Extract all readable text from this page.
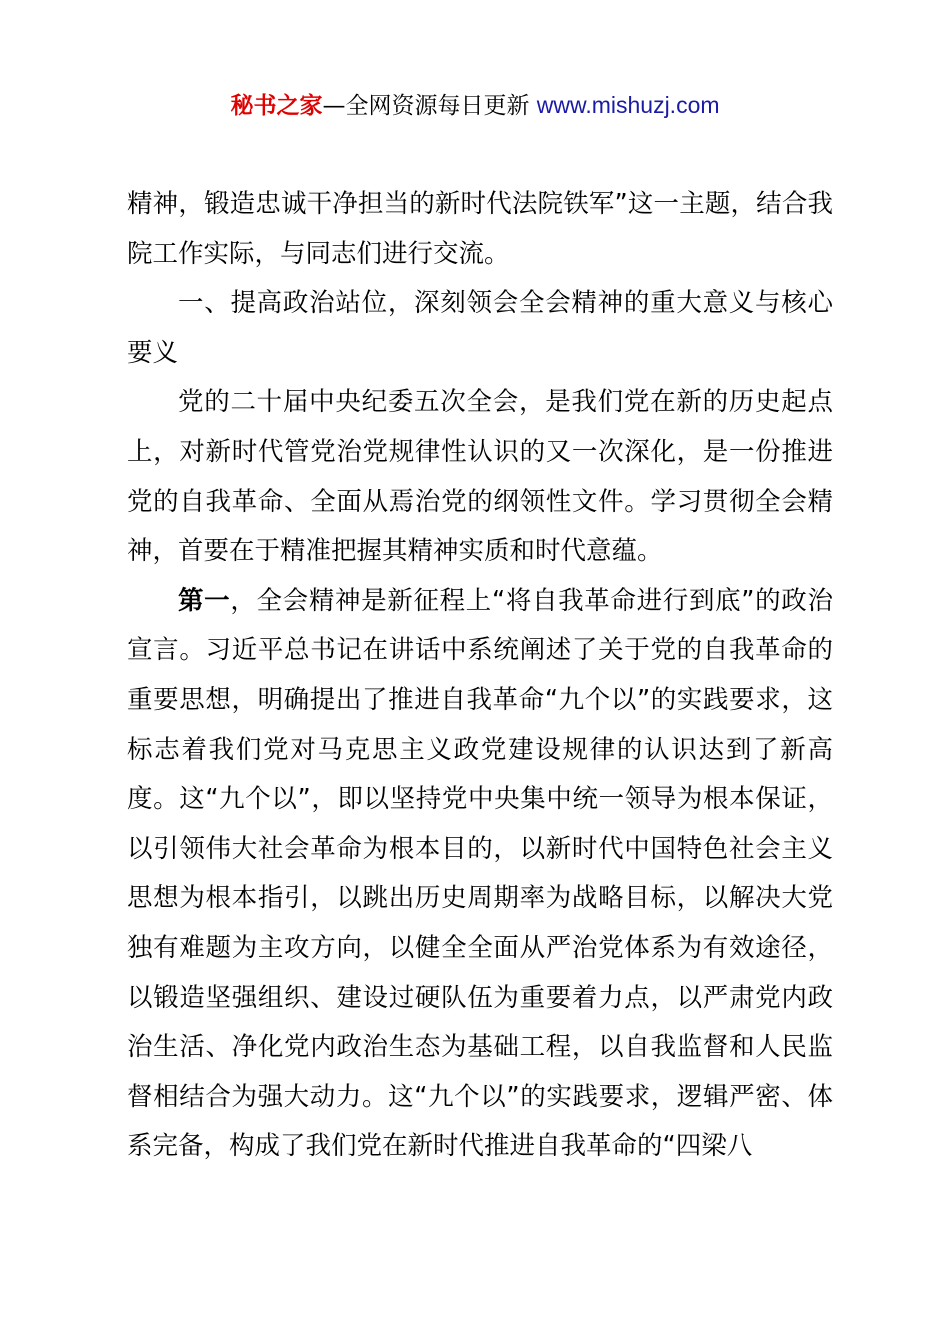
秘书之家—全网资源每日更新 www.mishuzj.com

精神，锻造忠诚干净担当的新时代法院铁军”这一主题，结合我院工作实际，与同志们进行交流。

一、提高政治站位，深刻领会全会精神的重大意义与核心要义

党的二十届中央纪委五次全会，是我们党在新的历史起点上，对新时代管党治党规律性认识的又一次深化，是一份推进党的自我革命、全面从焉治党的纲领性文件。学习贯彻全会精神，首要在于精准把握其精神实质和时代意蕴。

第一，全会精神是新征程上“将自我革命进行到底”的政治宣言。习近平总书记在讲话中系统阐述了关于党的自我革命的重要思想，明确提出了推进自我革命“九个以”的实践要求，这标志着我们党对马克思主义政党建设规律的认识达到了新高度。这“九个以”，即以坚持党中央集中统一领导为根本保证，以引领伟大社会革命为根本目的，以新时代中国特色社会主义思想为根本指引，以跳出历史周期率为战略目标，以解决大党独有难题为主攻方向，以健全全面从严治党体系为有效途径，以锻造坚强组织、建设过硬队伍为重要着力点，以严肃党内政治生活、净化党内政治生态为基础工程，以自我监督和人民监督相结合为强大动力。这“九个以”的实践要求，逻辑严密、体系完备，构成了我们党在新时代推进自我革命的“四梁八
